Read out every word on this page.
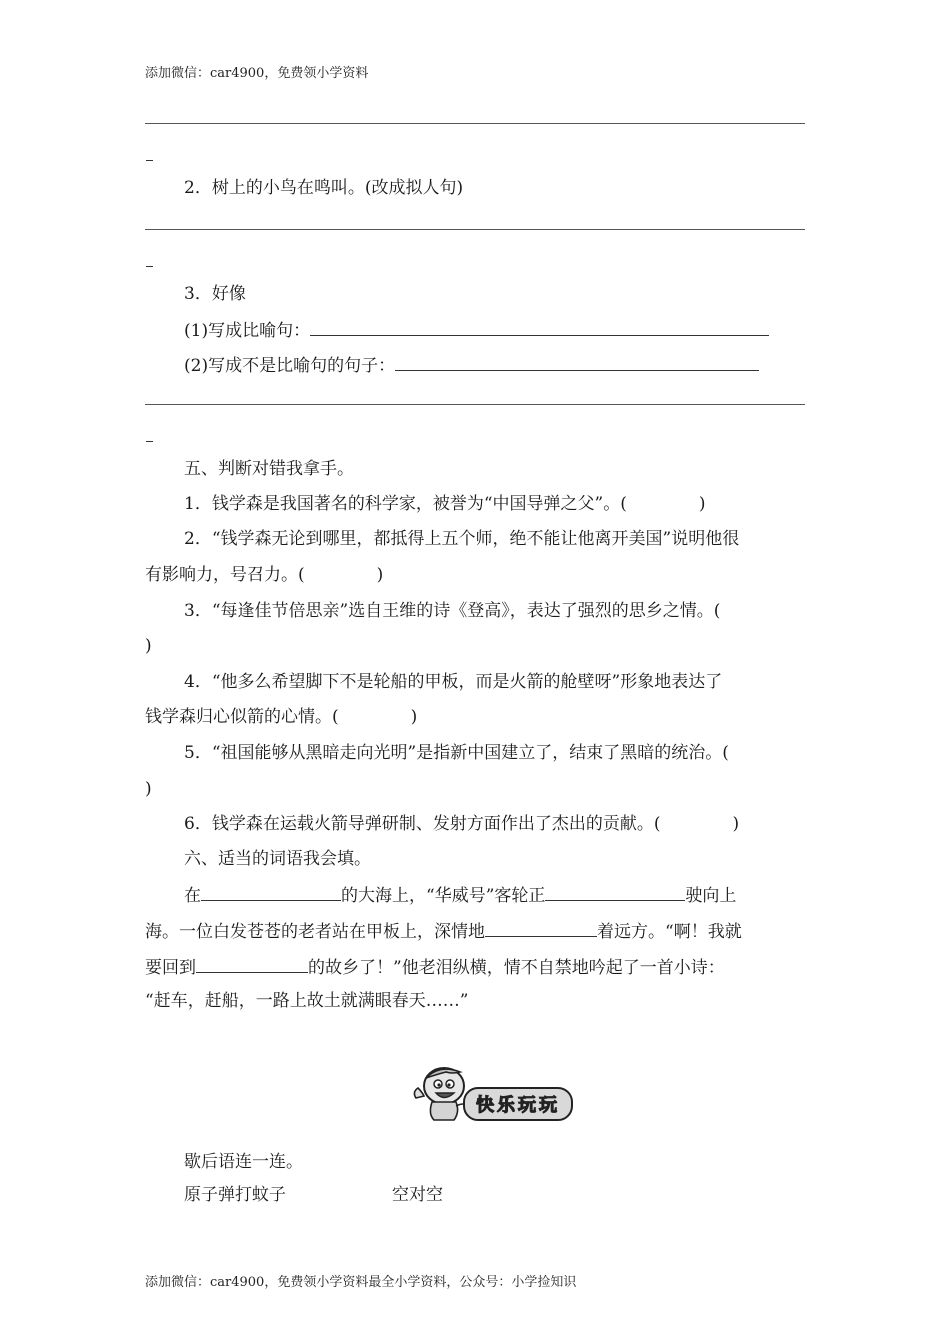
添加微信：car4900，免费领小学资料
2．树上的小鸟在鸣叫。(改成拟人句)
3．好像
(1)写成比喻句：
(2)写成不是比喻句的句子：
五、判断对错我拿手。
1．钱学森是我国著名的科学家，被誉为“中国导弹之父”。(	)
2．“钱学森无论到哪里，都抵得上五个师，绝不能让他离开美国”说明他很
有影响力，号召力。(	)
3．“每逢佳节倍思亲”选自王维的诗《登高》，表达了强烈的思乡之情。(
)
4．“他多么希望脚下不是轮船的甲板，而是火箭的舱壁呀”形象地表达了
钱学森归心似箭的心情。(	)
5．“祖国能够从黑暗走向光明”是指新中国建立了，结束了黑暗的统治。(
)
6．钱学森在运载火箭导弹研制、发射方面作出了杰出的贡献。(	)
六、适当的词语我会填。
在	的大海上，“华威号”客轮正	驶向上
海。一位白发苍苍的老者站在甲板上，深情地	着远方。“啊！我就
要回到	的故乡了！”他老泪纵横，情不自禁地吟起了一首小诗：
“赶车，赶船，一路上故土就满眼春天……”
快乐玩玩
歇后语连一连。
原子弹打蚊子	空对空
添加微信：car4900，免费领小学资料最全小学资料，公众号：小学捡知识
